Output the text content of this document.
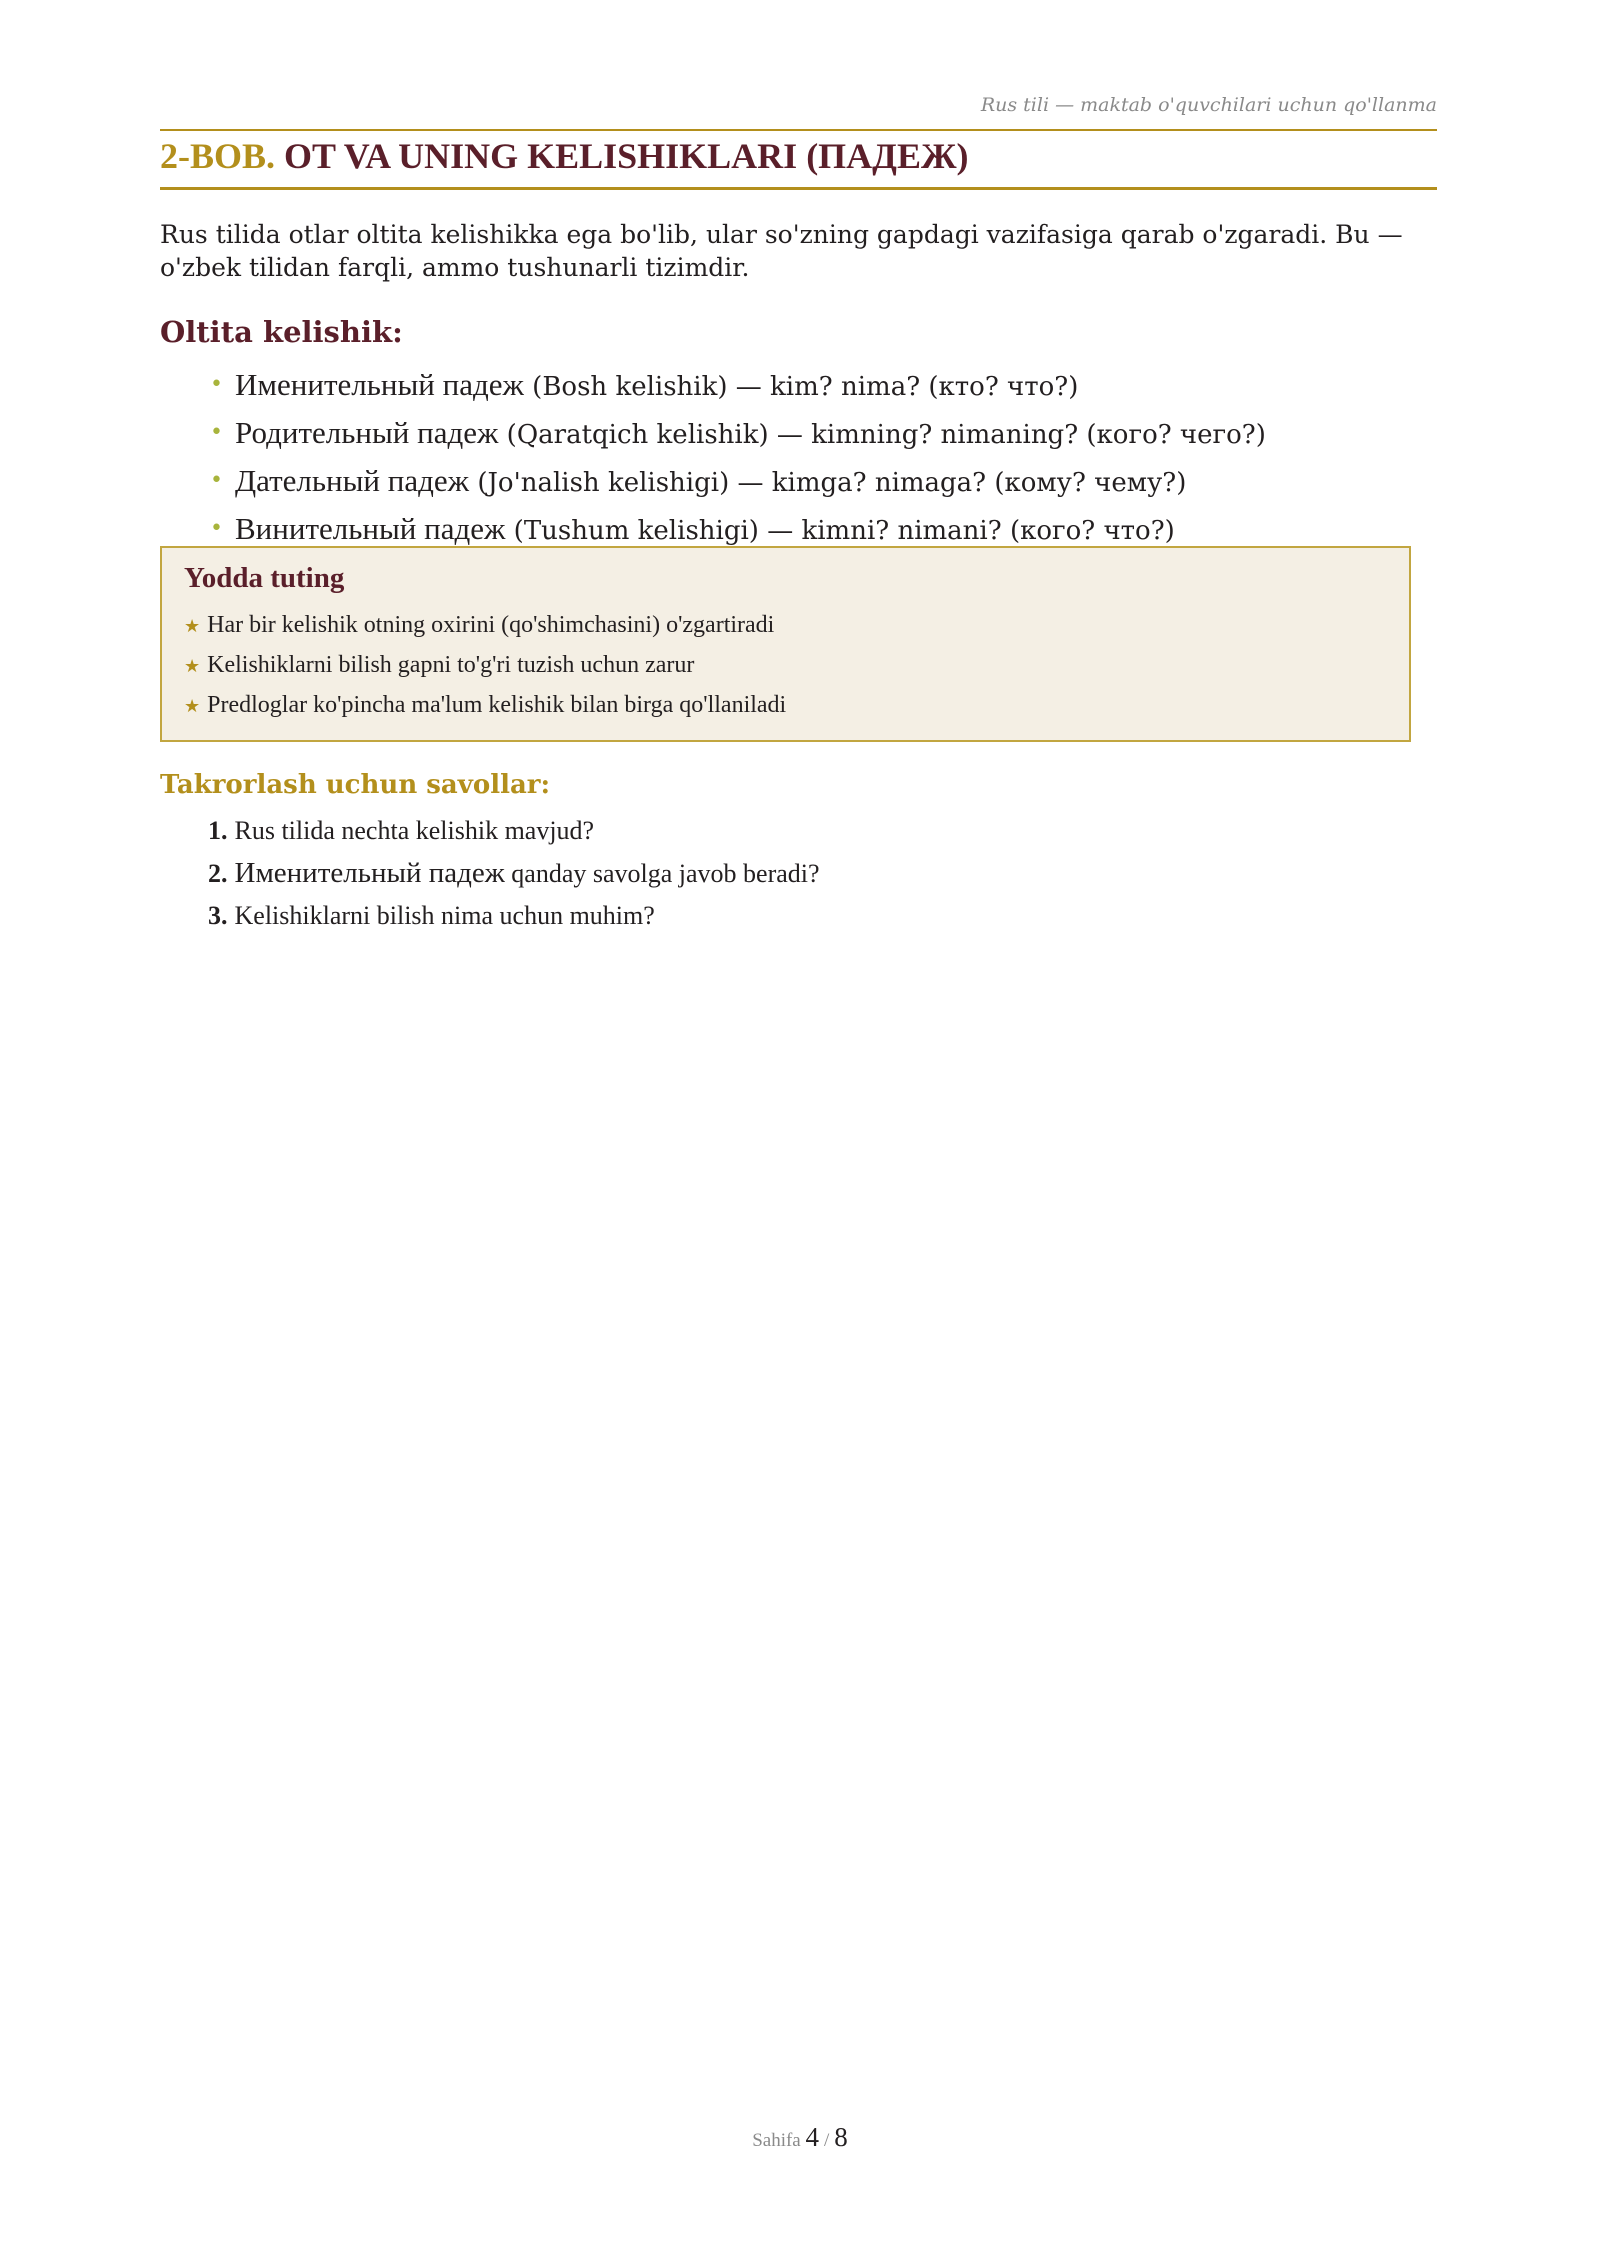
Rus tili — maktab o'quvchilari uchun qo'llanma
2-BOB. OT VA UNING KELISHIKLARI (ПАДЕЖ)

Rus tilida otlar oltita kelishikka ega bo'lib, ular so'zning gapdagi vazifasiga qarab o'zgaradi. Bu — o'zbek tilidan farqli, ammo tushunarli tizimdir.

Oltita kelishik:
• Именительный падеж (Bosh kelishik) — kim? nima? (кто? что?)
• Родительный падеж (Qaratqich kelishik) — kimning? nimaning? (кого? чего?)
• Дательный падеж (Jo'nalish kelishigi) — kimga? nimaga? (кому? чему?)
• Винительный падеж (Tushum kelishigi) — kimni? nimani? (кого? что?)
Yodda tuting
★ Har bir kelishik otning oxirini (qo'shimchasini) o'zgartiradi
★ Kelishiklarni bilish gapni to'g'ri tuzish uchun zarur
★ Predloglar ko'pincha ma'lum kelishik bilan birga qo'llaniladi
Takrorlash uchun savollar:
1. Rus tilida nechta kelishik mavjud?
2. Именительный падеж qanday savolga javob beradi?
3. Kelishiklarni bilish nima uchun muhim?
Sahifa 4 / 8
